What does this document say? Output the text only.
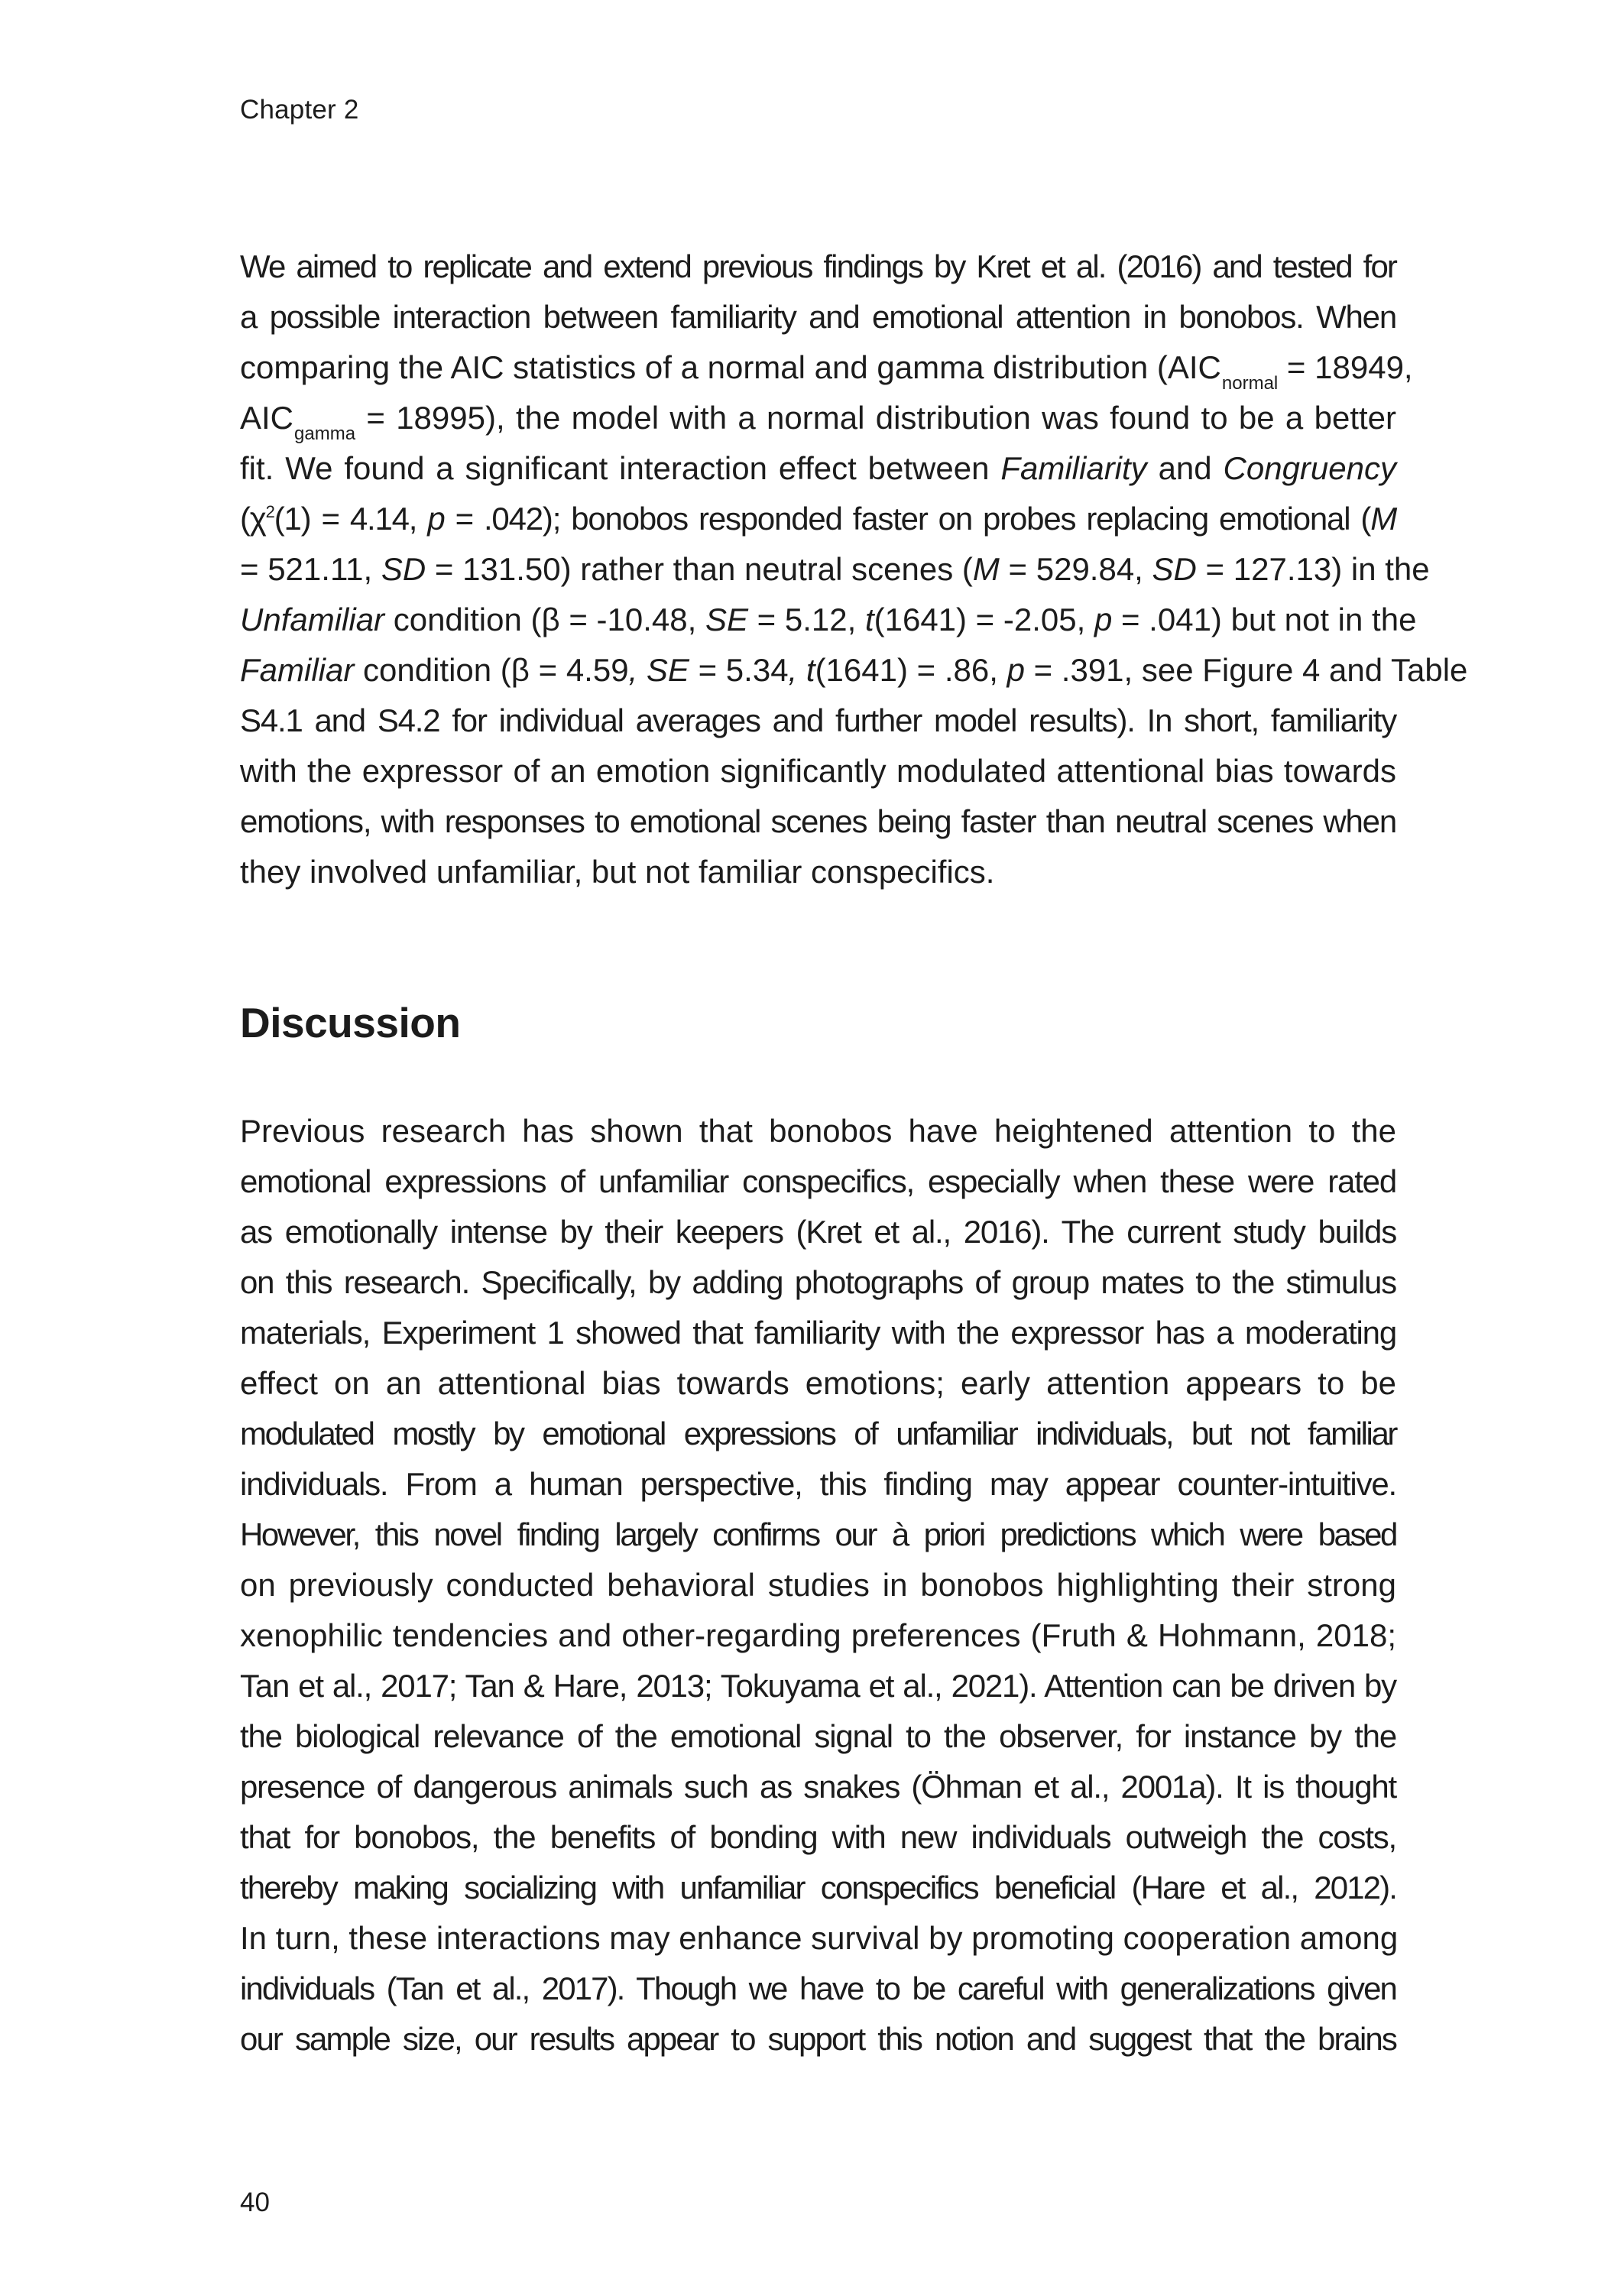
Chapter 2
We aimed to replicate and extend previous findings by Kret et al. (2016) and tested for
a possible interaction between familiarity and emotional attention in bonobos. When
comparing the AIC statistics of a normal and gamma distribution ($AIC_{normal} = 18949$,
$AIC_{gamma} = 18995$), the model with a normal distribution was found to be a better
fit. We found a significant interaction effect between Familiarity and Congruency
($\chi^2(1) = 4.14$, p = .042); bonobos responded faster on probes replacing emotional (M
= 521.11, SD = 131.50) rather than neutral scenes (M = 529.84, SD = 127.13) in the
Unfamiliar condition (β = -10.48, SE = 5.12, t(1641) = -2.05, p = .041) but not in the
Familiar condition (β = 4.59, SE = 5.34, t(1641) = .86, p = .391, see Figure 4 and Table
S4.1 and S4.2 for individual averages and further model results). In short, familiarity
with the expressor of an emotion significantly modulated attentional bias towards
emotions, with responses to emotional scenes being faster than neutral scenes when
they involved unfamiliar, but not familiar conspecifics.
Discussion
Previous research has shown that bonobos have heightened attention to the
emotional expressions of unfamiliar conspecifics, especially when these were rated
as emotionally intense by their keepers (Kret et al., 2016). The current study builds
on this research. Specifically, by adding photographs of group mates to the stimulus
materials, Experiment 1 showed that familiarity with the expressor has a moderating
effect on an attentional bias towards emotions; early attention appears to be
modulated mostly by emotional expressions of unfamiliar individuals, but not familiar
individuals. From a human perspective, this finding may appear counter-intuitive.
However, this novel finding largely confirms our à priori predictions which were based
on previously conducted behavioral studies in bonobos highlighting their strong
xenophilic tendencies and other-regarding preferences (Fruth & Hohmann, 2018;
Tan et al., 2017; Tan & Hare, 2013; Tokuyama et al., 2021). Attention can be driven by
the biological relevance of the emotional signal to the observer, for instance by the
presence of dangerous animals such as snakes (Öhman et al., 2001a). It is thought
that for bonobos, the benefits of bonding with new individuals outweigh the costs,
thereby making socializing with unfamiliar conspecifics beneficial (Hare et al., 2012).
In turn, these interactions may enhance survival by promoting cooperation among
individuals (Tan et al., 2017). Though we have to be careful with generalizations given
our sample size, our results appear to support this notion and suggest that the brains
40
